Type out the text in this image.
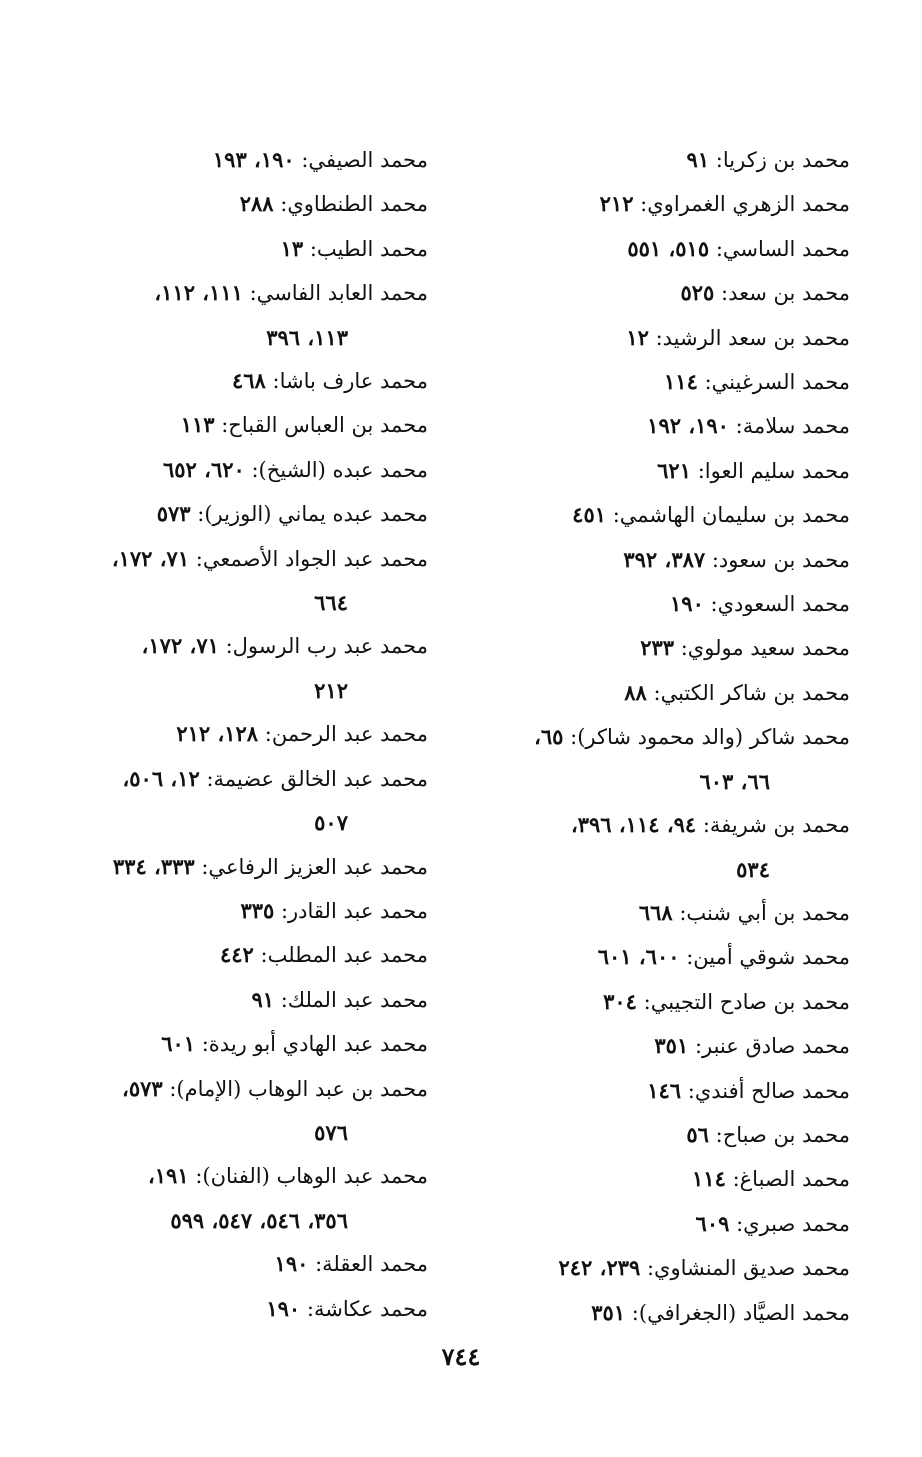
محمد بن زكريا: ٩١
محمد الزهري الغمراوي: ٢١٢
محمد الساسي: ٥١٥، ٥٥١
محمد بن سعد: ٥٢٥
محمد بن سعد الرشيد: ١٢
محمد السرغيني: ١١٤
محمد سلامة: ١٩٠، ١٩٢
محمد سليم العوا: ٦٢١
محمد بن سليمان الهاشمي: ٤٥١
محمد بن سعود: ٣٨٧، ٣٩٢
محمد السعودي: ١٩٠
محمد سعيد مولوي: ٢٣٣
محمد بن شاكر الكتبي: ٨٨
محمد شاكر (والد محمود شاكر): ٦٥،
٦٦، ٦٠٣
محمد بن شريفة: ٩٤، ١١٤، ٣٩٦،
٥٣٤
محمد بن أبي شنب: ٦٦٨
محمد شوقي أمين: ٦٠٠، ٦٠١
محمد بن صادح التجيبي: ٣٠٤
محمد صادق عنبر: ٣٥١
محمد صالح أفندي: ١٤٦
محمد بن صباح: ٥٦
محمد الصباغ: ١١٤
محمد صبري: ٦٠٩
محمد صديق المنشاوي: ٢٣٩، ٢٤٢
محمد الصيَّاد (الجغرافي): ٣٥١
محمد الصيفي: ١٩٠، ١٩٣
محمد الطنطاوي: ٢٨٨
محمد الطيب: ١٣
محمد العابد الفاسي: ١١١، ١١٢،
١١٣، ٣٩٦
محمد عارف باشا: ٤٦٨
محمد بن العباس القباح: ١١٣
محمد عبده (الشيخ): ٦٢٠، ٦٥٢
محمد عبده يماني (الوزير): ٥٧٣
محمد عبد الجواد الأصمعي: ٧١، ١٧٢،
٦٦٤
محمد عبد رب الرسول: ٧١، ١٧٢،
٢١٢
محمد عبد الرحمن: ١٢٨، ٢١٢
محمد عبد الخالق عضيمة: ١٢، ٥٠٦،
٥٠٧
محمد عبد العزيز الرفاعي: ٣٣٣، ٣٣٤
محمد عبد القادر: ٣٣٥
محمد عبد المطلب: ٤٤٢
محمد عبد الملك: ٩١
محمد عبد الهادي أبو ريدة: ٦٠١
محمد بن عبد الوهاب (الإمام): ٥٧٣،
٥٧٦
محمد عبد الوهاب (الفنان): ١٩١،
٣٥٦، ٥٤٦، ٥٤٧، ٥٩٩
محمد العقلة: ١٩٠
محمد عكاشة: ١٩٠
٧٤٤
